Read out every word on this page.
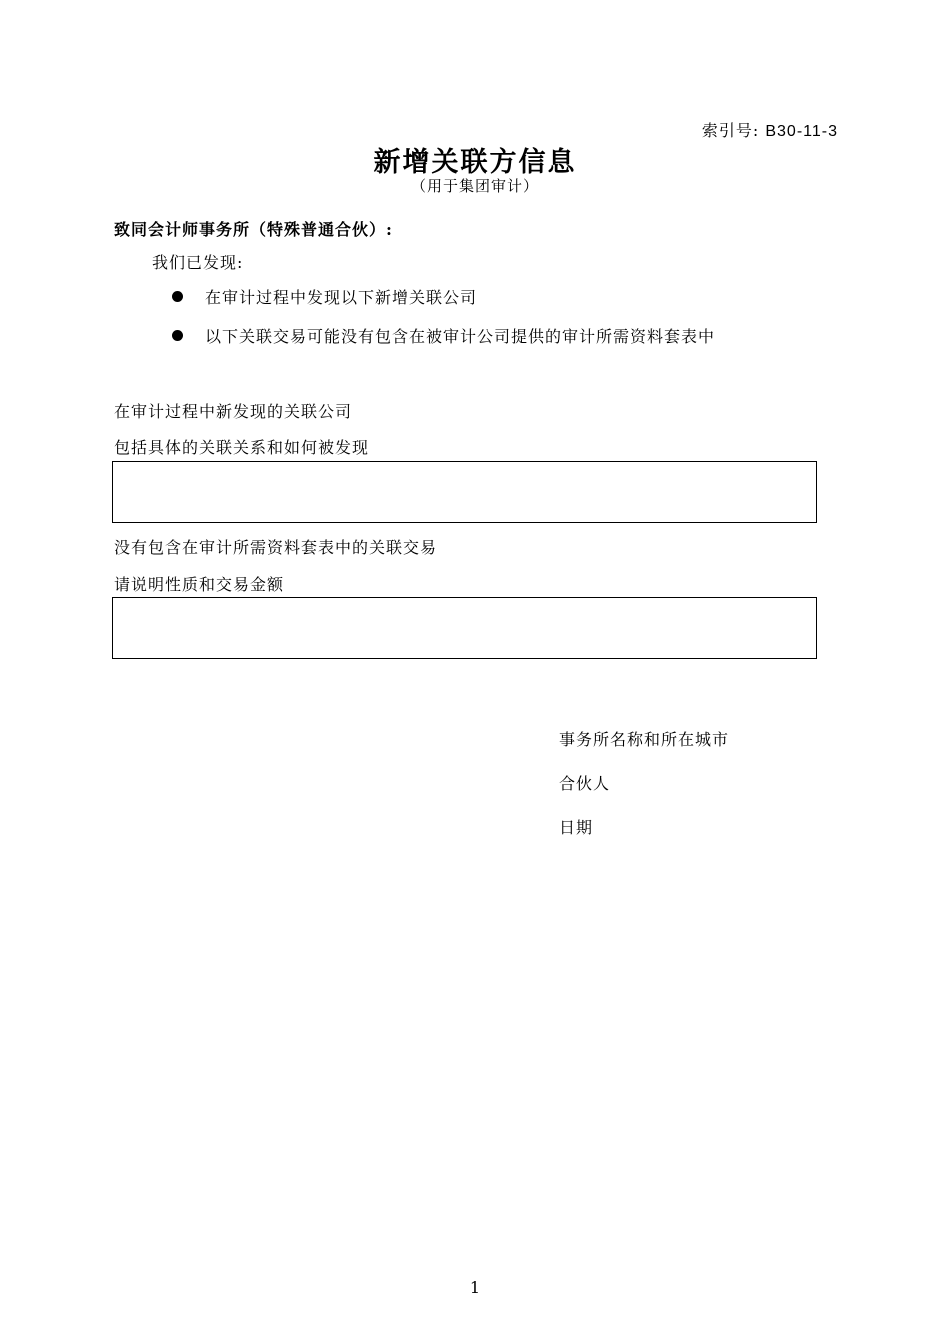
索引号: B30-11-3
新增关联方信息
（用于集团审计）
致同会计师事务所（特殊普通合伙）:
我们已发现:
在审计过程中发现以下新增关联公司
以下关联交易可能没有包含在被审计公司提供的审计所需资料套表中
在审计过程中新发现的关联公司
包括具体的关联关系和如何被发现
没有包含在审计所需资料套表中的关联交易
请说明性质和交易金额
事务所名称和所在城市
合伙人
日期
1
